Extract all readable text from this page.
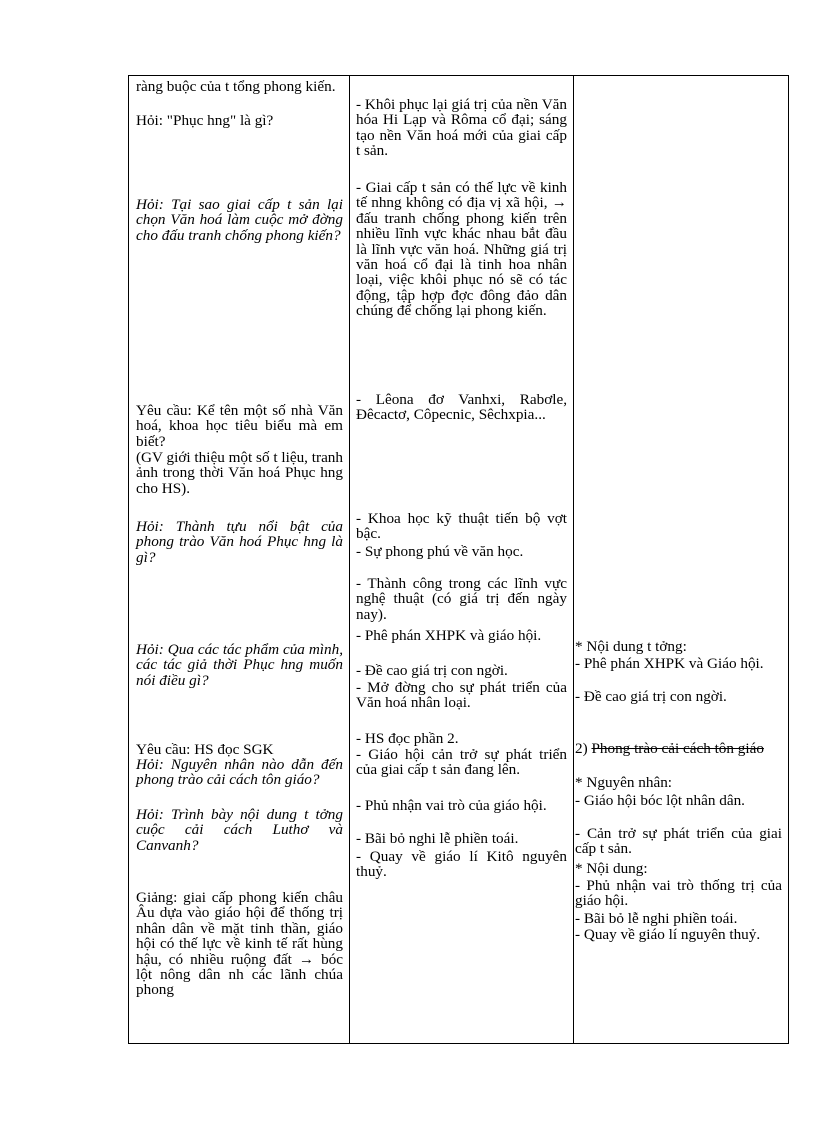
ràng buộc của t tổng phong kiến.

Hỏi: "Phục hng" là gì?

Hỏi: Tại sao giai cấp t sản lại chọn Văn hoá làm cuộc mở đờng cho đấu tranh chống phong kiến?

Yêu cầu: Kể tên một số nhà Văn hoá, khoa học tiêu biểu mà em biết?

(GV giới thiệu một số t liệu, tranh ảnh trong thời Văn hoá Phục hng cho HS).

Hỏi: Thành tựu nổi bật của phong trào Văn hoá Phục hng là gì?

Hỏi: Qua các tác phẩm của mình, các tác giả thời Phục hng muốn nói điều gì?

Yêu cầu: HS đọc SGK

Hỏi: Nguyên nhân nào dẫn đến phong trào cải cách tôn giáo?

Hỏi: Trình bày nội dung t tởng cuộc cải cách Luthơ và Canvanh?

Giảng: giai cấp phong kiến châu Âu dựa vào giáo hội để thống trị nhân dân về mặt tinh thần, giáo hội có thế lực về kinh tế rất hùng hậu, có nhiều ruộng đất → bóc lột nông dân nh các lãnh chúa phong

- Khôi phục lại giá trị của nền Văn hóa Hi Lạp và Rôma cổ đại; sáng tạo nền Văn hoá mới của giai cấp t sản.

- Giai cấp t sản có thế lực về kinh tế nhng không có địa vị xã hội, → đấu tranh chống phong kiến trên nhiều lĩnh vực khác nhau bắt đầu là lĩnh vực văn hoá. Những giá trị văn hoá cổ đại là tinh hoa nhân loại, việc khôi phục nó sẽ có tác động, tập hợp đợc đông đảo dân chúng để chống lại phong kiến.

- Lêona đơ Vanhxi, Rabơle, Đêcactơ, Côpecnic, Sêchxpia...

- Khoa học kỹ thuật tiến bộ vợt bậc.

- Sự phong phú về văn học.

- Thành công trong các lĩnh vực nghệ thuật (có giá trị đến ngày nay).

- Phê phán XHPK và giáo hội.

- Đề cao giá trị con ngời.

- Mở đờng cho sự phát triển của Văn hoá nhân loại.

- HS đọc phần 2.

- Giáo hội cản trở sự phát triển của giai cấp t sản đang lên.

- Phủ nhận vai trò của giáo hội.

- Bãi bỏ nghi lễ phiền toái.

- Quay về giáo lí Kitô nguyên thuỷ.

* Nội dung t tởng:

- Phê phán XHPK và Giáo hội.

- Đề cao giá trị con ngời.

2) Phong trào cải cách tôn giáo

* Nguyên nhân:

- Giáo hội bóc lột nhân dân.

- Cản trở sự phát triển của giai cấp t sản.

* Nội dung:

- Phủ nhận vai trò thống trị của giáo hội.

- Bãi bỏ lễ nghi phiền toái.

- Quay về giáo lí nguyên thuỷ.
